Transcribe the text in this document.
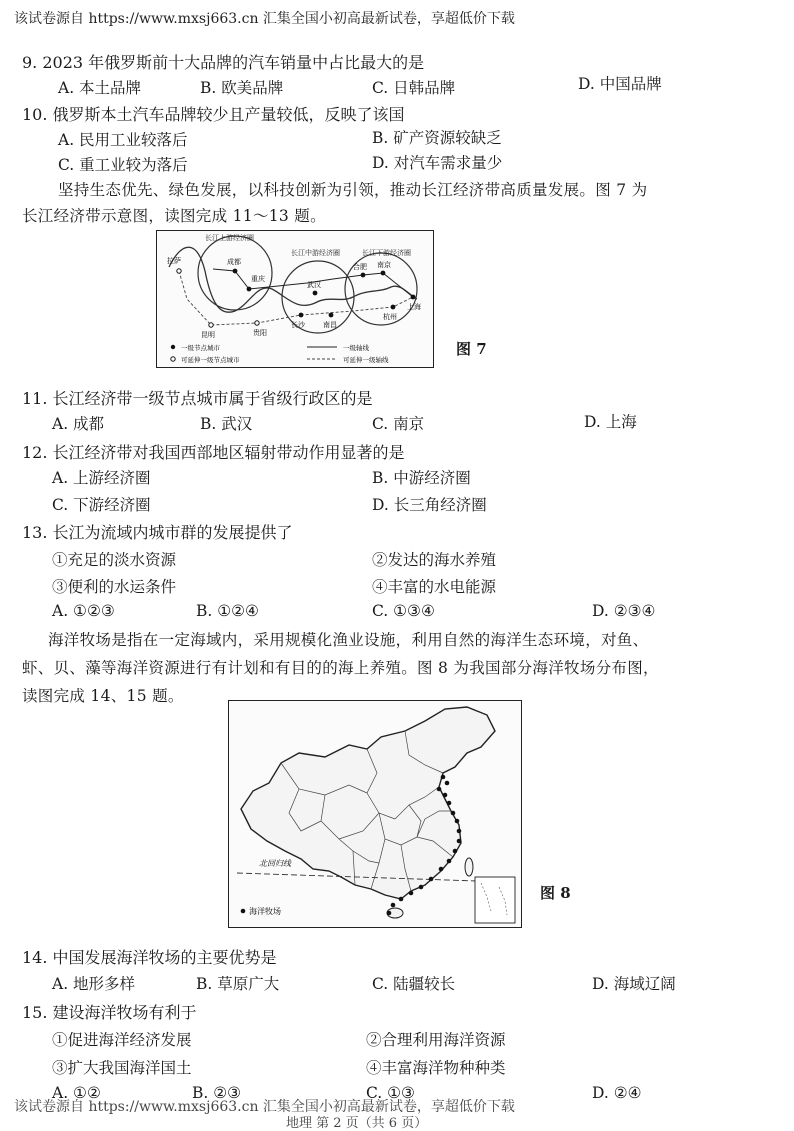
该试卷源自 https://www.mxsj663.cn 汇集全国小初高最新试卷，享超低价下载
9. 2023 年俄罗斯前十大品牌的汽车销量中占比最大的是
A. 本土品牌	B. 欧美品牌	C. 日韩品牌	D. 中国品牌
10. 俄罗斯本土汽车品牌较少且产量较低，反映了该国
A. 民用工业较落后	B. 矿产资源较缺乏
C. 重工业较为落后	D. 对汽车需求量少
坚持生态优先、绿色发展，以科技创新为引领，推动长江经济带高质量发展。图 7 为
长江经济带示意图，读图完成 11～13 题。
长江上游经济圈
长江中游经济圈	长江下游经济圈
成都
重庆
拉萨
昆明	贵阳
武汉
长沙	南昌
合肥 南京
杭州
上海
一级节点城市
可延伸一级节点城市
一级轴线
可延伸一级轴线
图 7
11. 长江经济带一级节点城市属于省级行政区的是
A. 成都	B. 武汉	C. 南京	D. 上海
12. 长江经济带对我国西部地区辐射带动作用显著的是
A. 上游经济圈	B. 中游经济圈
C. 下游经济圈	D. 长三角经济圈
13. 长江为流域内城市群的发展提供了
①充足的淡水资源	②发达的海水养殖
③便利的水运条件	④丰富的水电能源
A. ①②③	B. ①②④	C. ①③④	D. ②③④
海洋牧场是指在一定海域内，采用规模化渔业设施，利用自然的海洋生态环境，对鱼、
虾、贝、藻等海洋资源进行有计划和有目的的海上养殖。图 8 为我国部分海洋牧场分布图，
读图完成 14、15 题。
北回归线
海洋牧场
图 8
14. 中国发展海洋牧场的主要优势是
A. 地形多样	B. 草原广大	C. 陆疆较长	D. 海域辽阔
15. 建设海洋牧场有利于
①促进海洋经济发展	②合理利用海洋资源
③扩大我国海洋国土	④丰富海洋物种种类
A. ①②	B. ②③	C. ①③	D. ②④
该试卷源自 https://www.mxsj663.cn 汇集全国小初高最新试卷，享超低价下载
地理 第 2 页（共 6 页）
